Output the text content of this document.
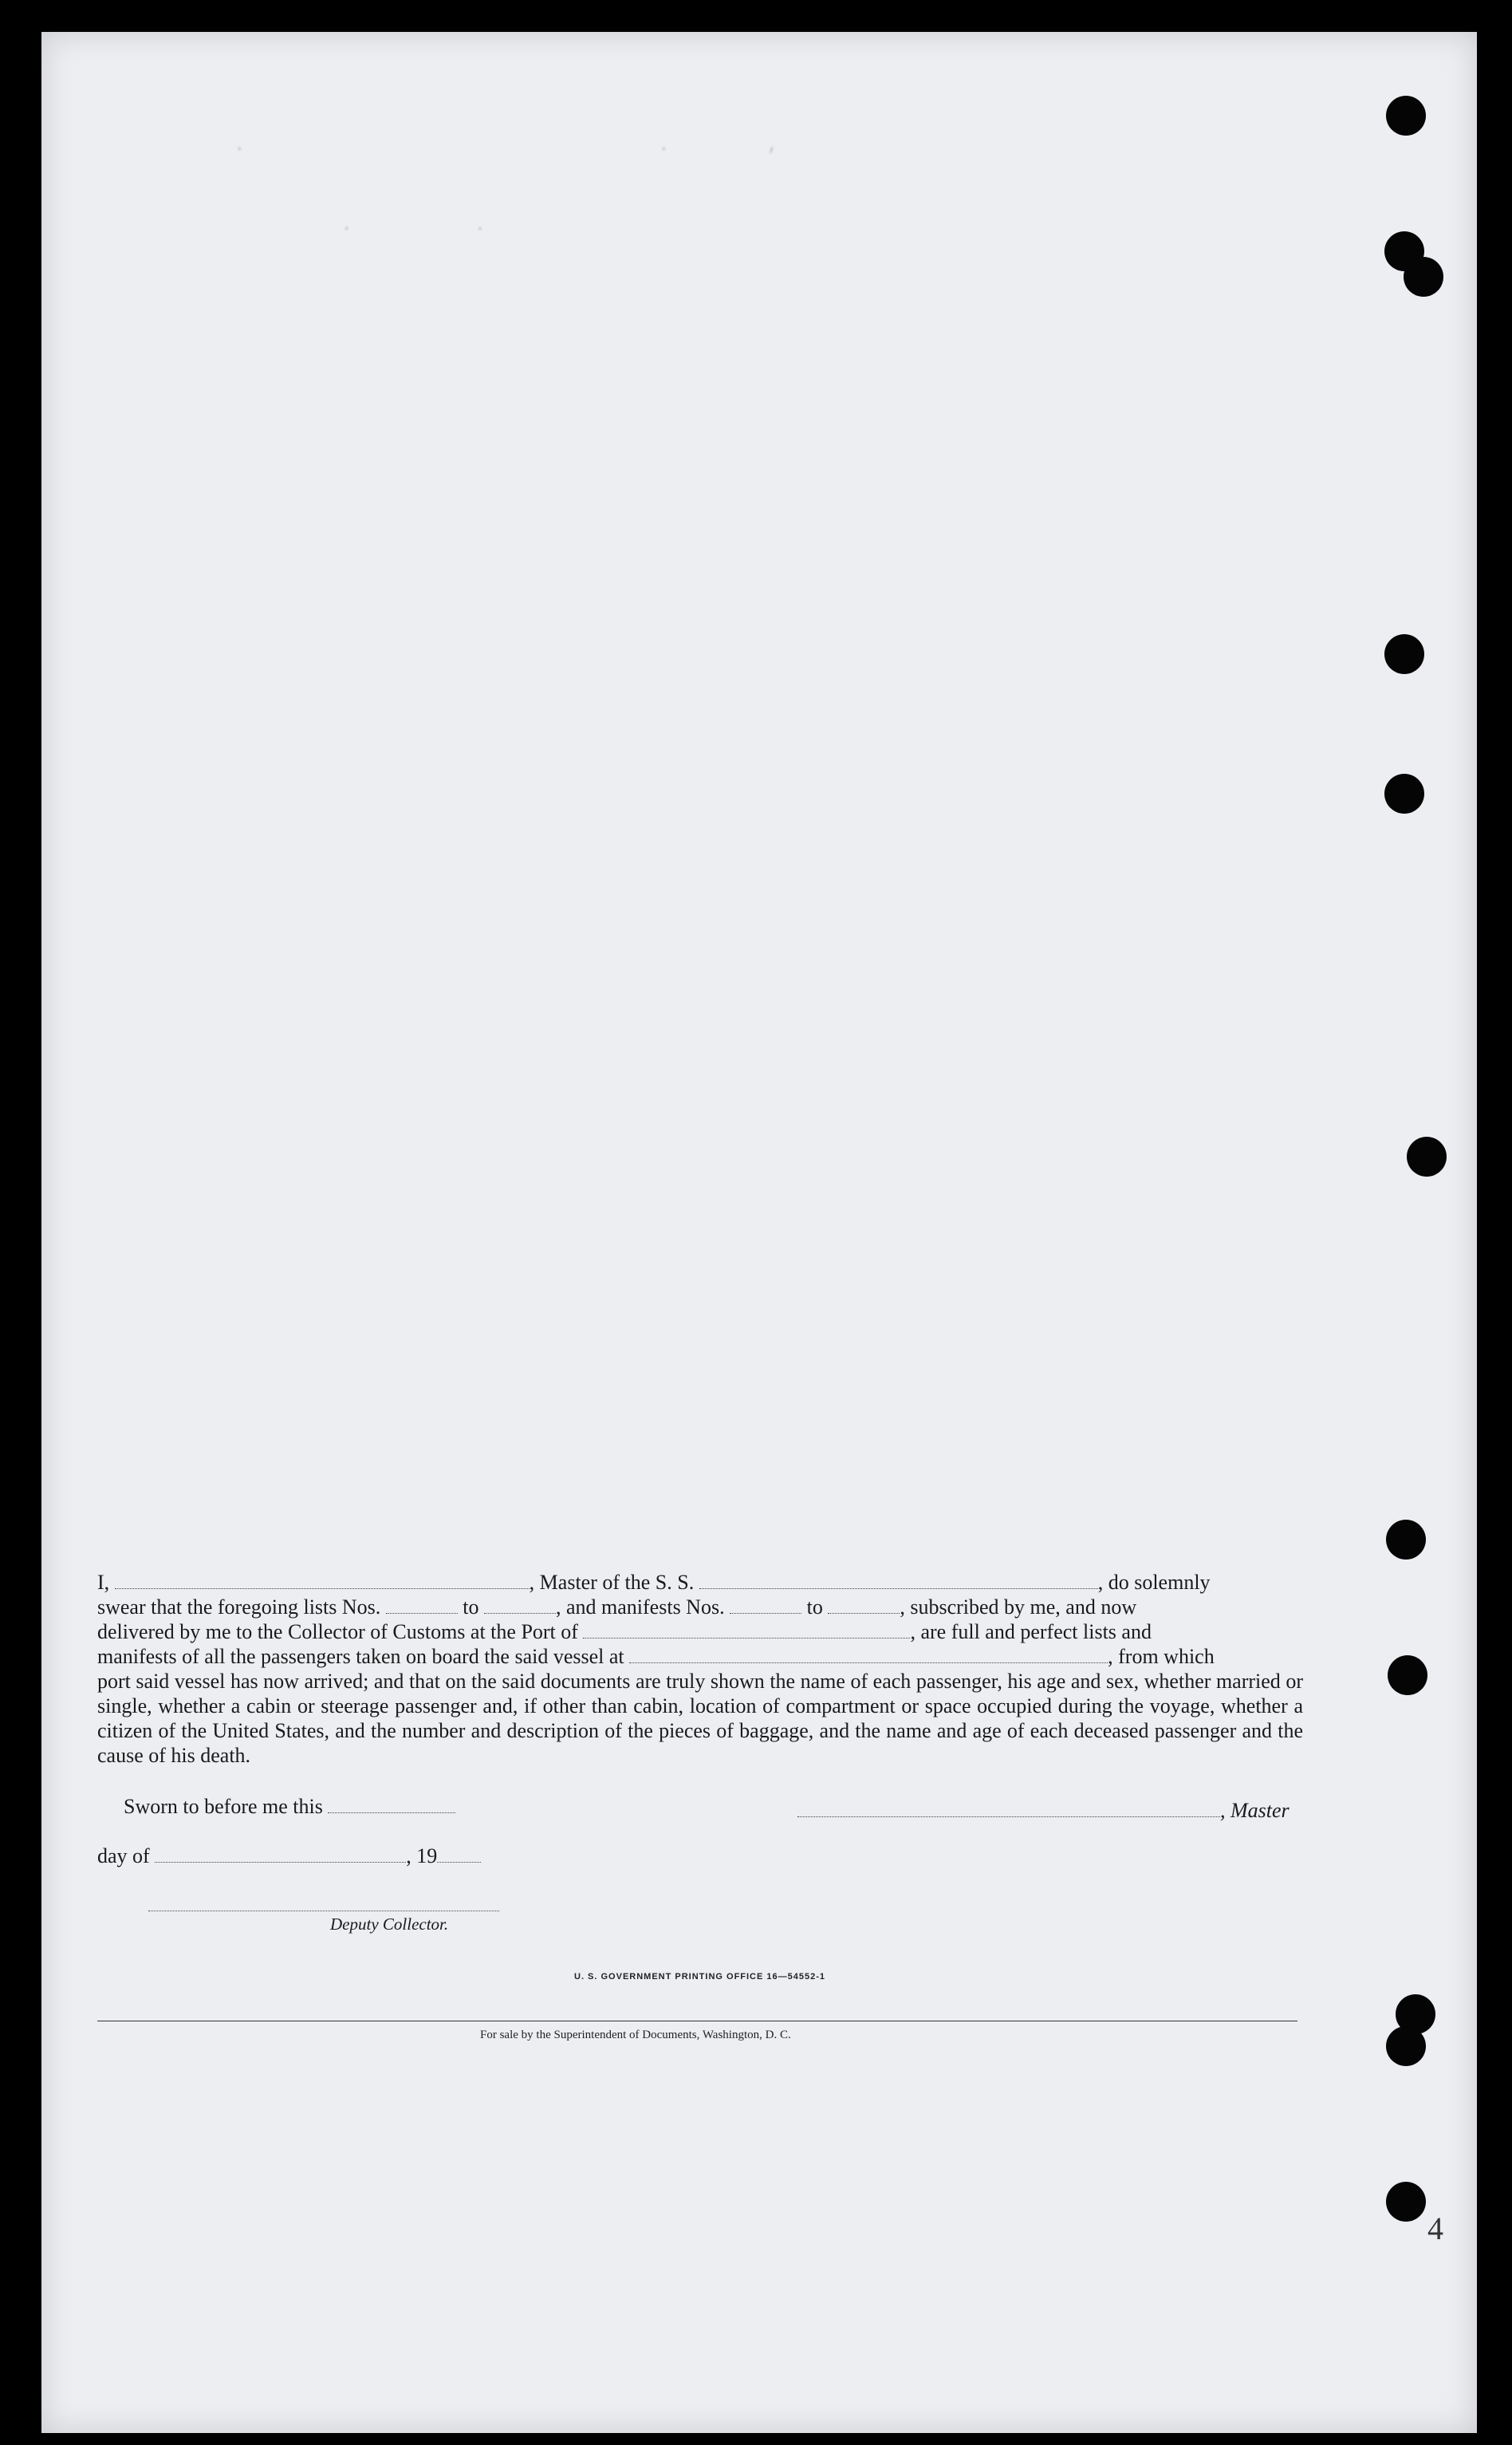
.                                  .        ,
.          .

4

I,	, Master of the S. S.	, do solemnly

swear that the foregoing lists Nos.	to	, and manifests Nos.	to	, subscribed by me, and now

delivered by me to the Collector of Customs at the Port of	, are full and perfect lists and

manifests of all the passengers taken on board the said vessel at	, from which

port said vessel has now arrived; and that on the said documents are truly shown the name of each passenger, his age and sex, whether married or single, whether a cabin or steerage passenger and, if other than cabin, location of compartment or space occupied during the voyage, whether a citizen of the United States, and the number and description of the pieces of baggage, and the name and age of each deceased passenger and the cause of his death.

Sworn to before me this	, Master
day of	, 19
Deputy Collector.
U. S. GOVERNMENT PRINTING OFFICE 16—54552-1
For sale by the Superintendent of Documents, Washington, D. C.
